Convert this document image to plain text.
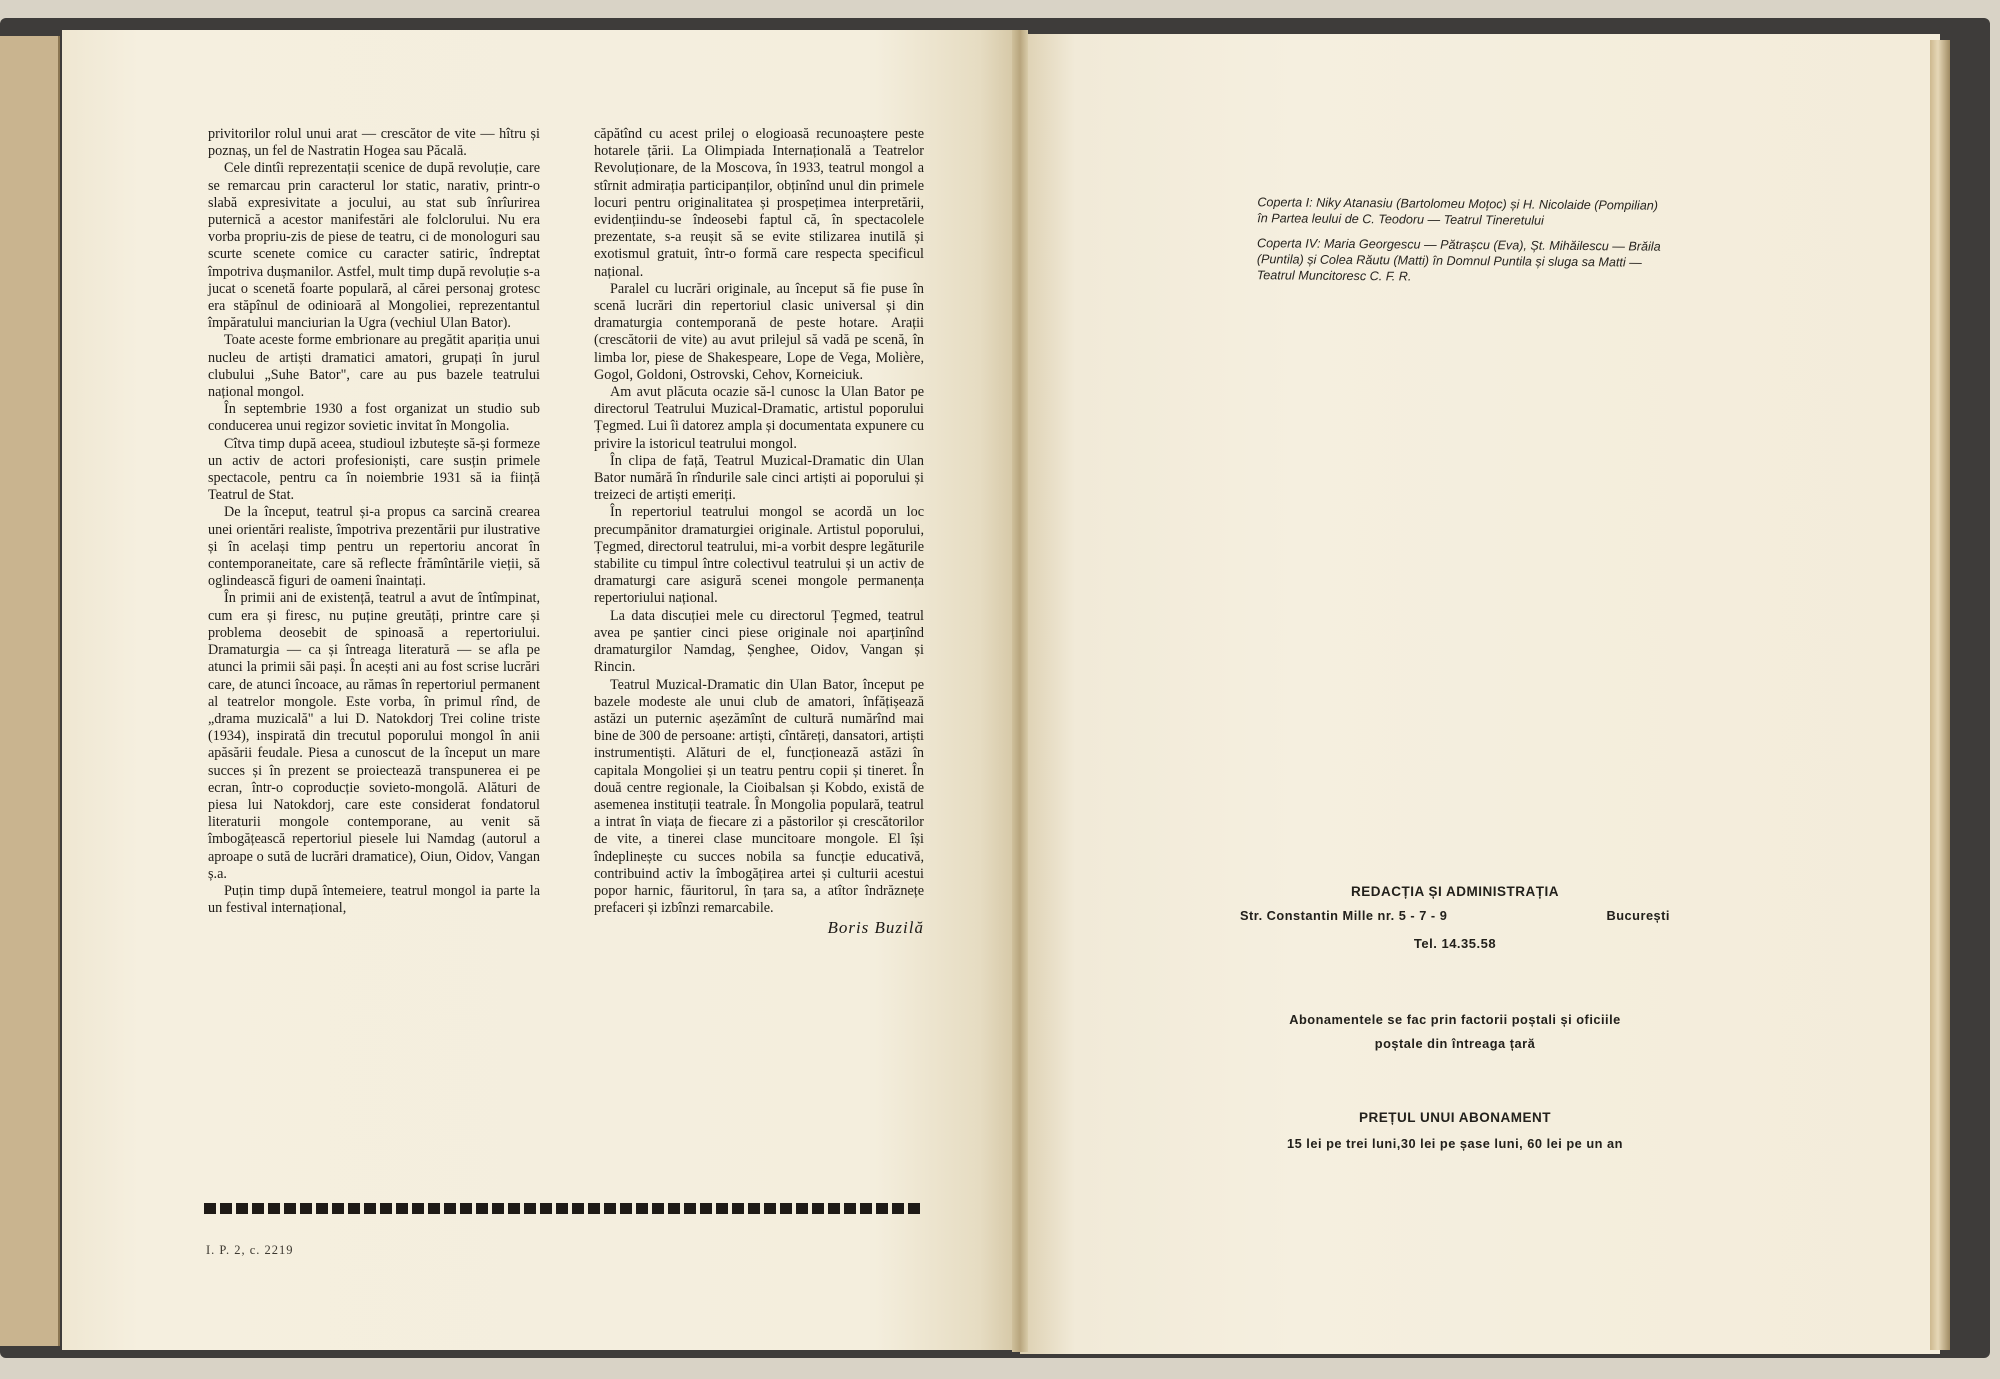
privitorilor rolul unui arat — crescător de vite — hîtru și poznaș, un fel de Nastratin Hogea sau Păcală.

Cele dintîi reprezentații scenice de după revoluție, care se remarcau prin caracterul lor static, narativ, printr-o slabă expresivitate a jocului, au stat sub înrîurirea puternică a acestor manifestări ale folclorului. Nu era vorba propriu-zis de piese de teatru, ci de monologuri sau scurte scenete comice cu caracter satiric, îndreptat împotriva dușmanilor. Astfel, mult timp după revoluție s-a jucat o scenetă foarte populară, al cărei personaj grotesc era stăpînul de odinioară al Mongoliei, reprezentantul împăratului manciurian la Ugra (vechiul Ulan Bator).

Toate aceste forme embrionare au pregătit apariția unui nucleu de artiști dramatici amatori, grupați în jurul clubului „Suhe Bator", care au pus bazele teatrului național mongol.

În septembrie 1930 a fost organizat un studio sub conducerea unui regizor sovietic invitat în Mongolia.

Cîtva timp după aceea, studioul izbutește să-și formeze un activ de actori profesioniști, care susțin primele spectacole, pentru ca în noiembrie 1931 să ia ființă Teatrul de Stat.

De la început, teatrul și-a propus ca sarcină crearea unei orientări realiste, împotriva prezentării pur ilustrative și în același timp pentru un repertoriu ancorat în contemporaneitate, care să reflecte frămîntările vieții, să oglindească figuri de oameni înaintați.

În primii ani de existență, teatrul a avut de întîmpinat, cum era și firesc, nu puține greutăți, printre care și problema deosebit de spinoasă a repertoriului. Dramaturgia — ca și întreaga literatură — se afla pe atunci la primii săi pași. În acești ani au fost scrise lucrări care, de atunci încoace, au rămas în repertoriul permanent al teatrelor mongole. Este vorba, în primul rînd, de „drama muzicală" a lui D. Natokdorj Trei coline triste (1934), inspirată din trecutul poporului mongol în anii apăsării feudale. Piesa a cunoscut de la început un mare succes și în prezent se proiectează transpunerea ei pe ecran, într-o coproducție sovieto-mongolă. Alături de piesa lui Natokdorj, care este considerat fondatorul literaturii mongole contemporane, au venit să îmbogățească repertoriul piesele lui Namdag (autorul a aproape o sută de lucrări dramatice), Oiun, Oidov, Vangan ș.a.

Puțin timp după întemeiere, teatrul mongol ia parte la un festival internațional,

căpătînd cu acest prilej o elogioasă recunoaștere peste hotarele țării. La Olimpiada Internațională a Teatrelor Revoluționare, de la Moscova, în 1933, teatrul mongol a stîrnit admirația participanților, obținînd unul din primele locuri pentru originalitatea și prospețimea interpretării, evidențiindu-se îndeosebi faptul că, în spectacolele prezentate, s-a reușit să se evite stilizarea inutilă și exotismul gratuit, într-o formă care respecta specificul național.

Paralel cu lucrări originale, au început să fie puse în scenă lucrări din repertoriul clasic universal și din dramaturgia contemporană de peste hotare. Arații (crescătorii de vite) au avut prilejul să vadă pe scenă, în limba lor, piese de Shakespeare, Lope de Vega, Molière, Gogol, Goldoni, Ostrovski, Cehov, Korneiciuk.

Am avut plăcuta ocazie să-l cunosc la Ulan Bator pe directorul Teatrului Muzical-Dramatic, artistul poporului Țegmed. Lui îi datorez ampla și documentata expunere cu privire la istoricul teatrului mongol.

În clipa de față, Teatrul Muzical-Dramatic din Ulan Bator numără în rîndurile sale cinci artiști ai poporului și treizeci de artiști emeriți.

În repertoriul teatrului mongol se acordă un loc precumpănitor dramaturgiei originale. Artistul poporului, Țegmed, directorul teatrului, mi-a vorbit despre legăturile stabilite cu timpul între colectivul teatrului și un activ de dramaturgi care asigură scenei mongole permanența repertoriului național.

La data discuției mele cu directorul Țegmed, teatrul avea pe șantier cinci piese originale noi aparținînd dramaturgilor Namdag, Șenghee, Oidov, Vangan și Rincin.

Teatrul Muzical-Dramatic din Ulan Bator, început pe bazele modeste ale unui club de amatori, înfățișează astăzi un puternic așezămînt de cultură numărînd mai bine de 300 de persoane: artiști, cîntăreți, dansatori, artiști instrumentiști. Alături de el, funcționează astăzi în capitala Mongoliei și un teatru pentru copii și tineret. În două centre regionale, la Cioibalsan și Kobdo, există de asemenea instituții teatrale. În Mongolia populară, teatrul a intrat în viața de fiecare zi a păstorilor și crescătorilor de vite, a tinerei clase muncitoare mongole. El își îndeplinește cu succes nobila sa funcție educativă, contribuind activ la îmbogățirea artei și culturii acestui popor harnic, făuritorul, în țara sa, a atîtor îndrăznețe prefaceri și izbînzi remarcabile.

Boris Buzilă
I. P. 2, c. 2219

Coperta I: Niky Atanasiu (Bartolomeu Moțoc) și H. Nicolaide (Pompilian) în Partea leului de C. Teodoru — Teatrul Tineretului

Coperta IV: Maria Georgescu — Pătrașcu (Eva), Șt. Mihăilescu — Brăila (Puntila) și Colea Răutu (Matti) în Domnul Puntila și sluga sa Matti — Teatrul Muncitoresc C. F. R.

REDACȚIA ȘI ADMINISTRAȚIA
Str. Constantin Mille nr. 5 - 7 - 9	București
Tel. 14.35.58
Abonamentele se fac prin factorii poștali și oficiile
poștale din întreaga țară
PREȚUL UNUI ABONAMENT
15 lei pe trei luni,30 lei pe șase luni, 60 lei pe un an
